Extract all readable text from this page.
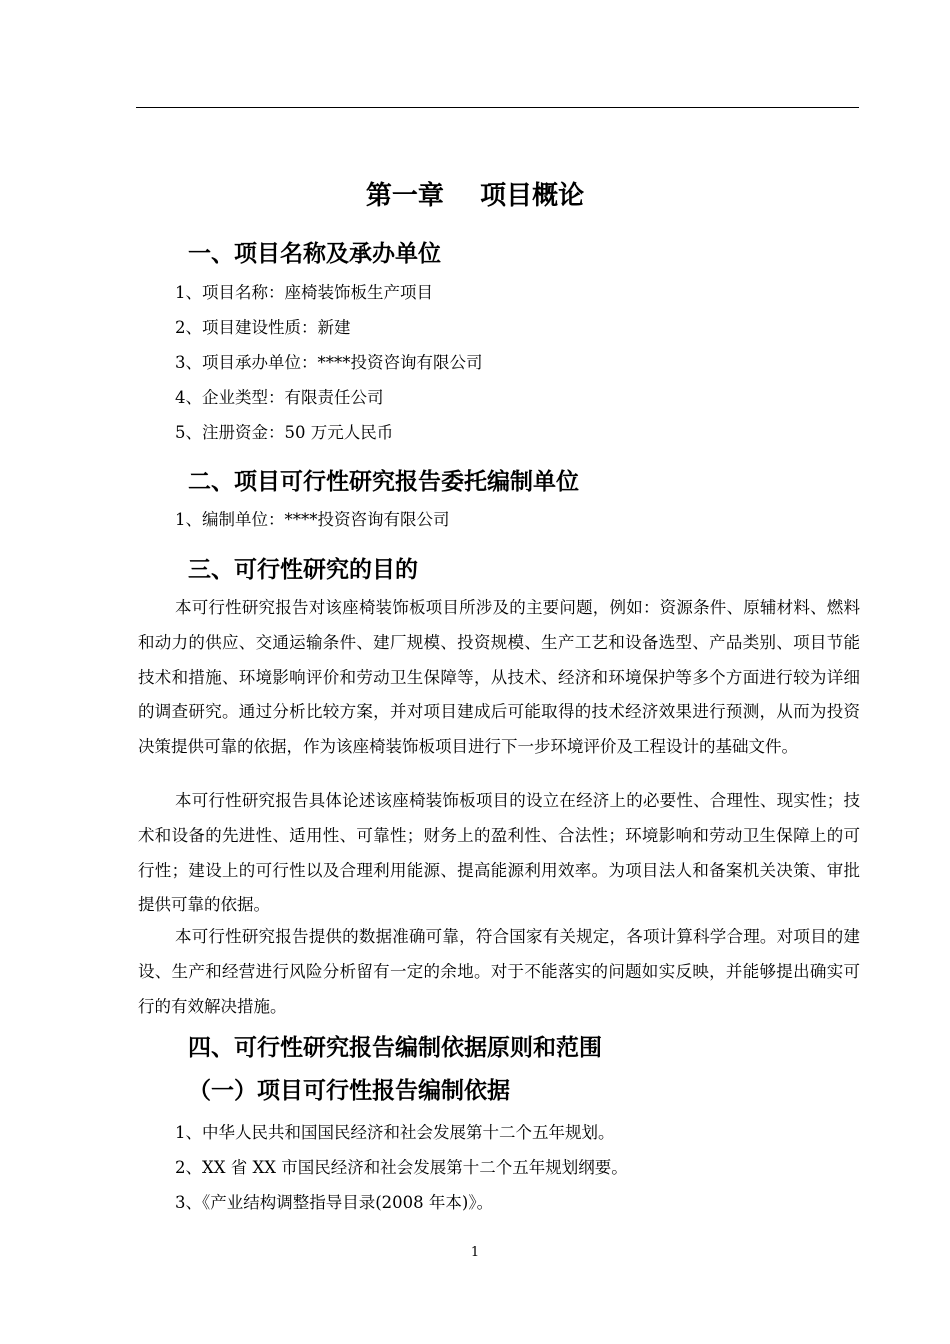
第一章    项目概论
一、项目名称及承办单位
1、项目名称：座椅装饰板生产项目
2、项目建设性质：新建
3、项目承办单位：****投资咨询有限公司
4、企业类型：有限责任公司
5、注册资金：50 万元人民币
二、项目可行性研究报告委托编制单位
1、编制单位：****投资咨询有限公司
三、可行性研究的目的
本可行性研究报告对该座椅装饰板项目所涉及的主要问题，例如：资源条件、原辅材料、燃料和动力的供应、交通运输条件、建厂规模、投资规模、生产工艺和设备选型、产品类别、项目节能技术和措施、环境影响评价和劳动卫生保障等，从技术、经济和环境保护等多个方面进行较为详细的调查研究。通过分析比较方案，并对项目建成后可能取得的技术经济效果进行预测，从而为投资决策提供可靠的依据，作为该座椅装饰板项目进行下一步环境评价及工程设计的基础文件。
本可行性研究报告具体论述该座椅装饰板项目的设立在经济上的必要性、合理性、现实性；技术和设备的先进性、适用性、可靠性；财务上的盈利性、合法性；环境影响和劳动卫生保障上的可行性；建设上的可行性以及合理利用能源、提高能源利用效率。为项目法人和备案机关决策、审批提供可靠的依据。
本可行性研究报告提供的数据准确可靠，符合国家有关规定，各项计算科学合理。对项目的建设、生产和经营进行风险分析留有一定的余地。对于不能落实的问题如实反映，并能够提出确实可行的有效解决措施。
四、可行性研究报告编制依据原则和范围
（一）项目可行性报告编制依据
1、中华人民共和国国民经济和社会发展第十二个五年规划。
2、XX 省 XX 市国民经济和社会发展第十二个五年规划纲要。
3、《产业结构调整指导目录(2008 年本)》。
1
